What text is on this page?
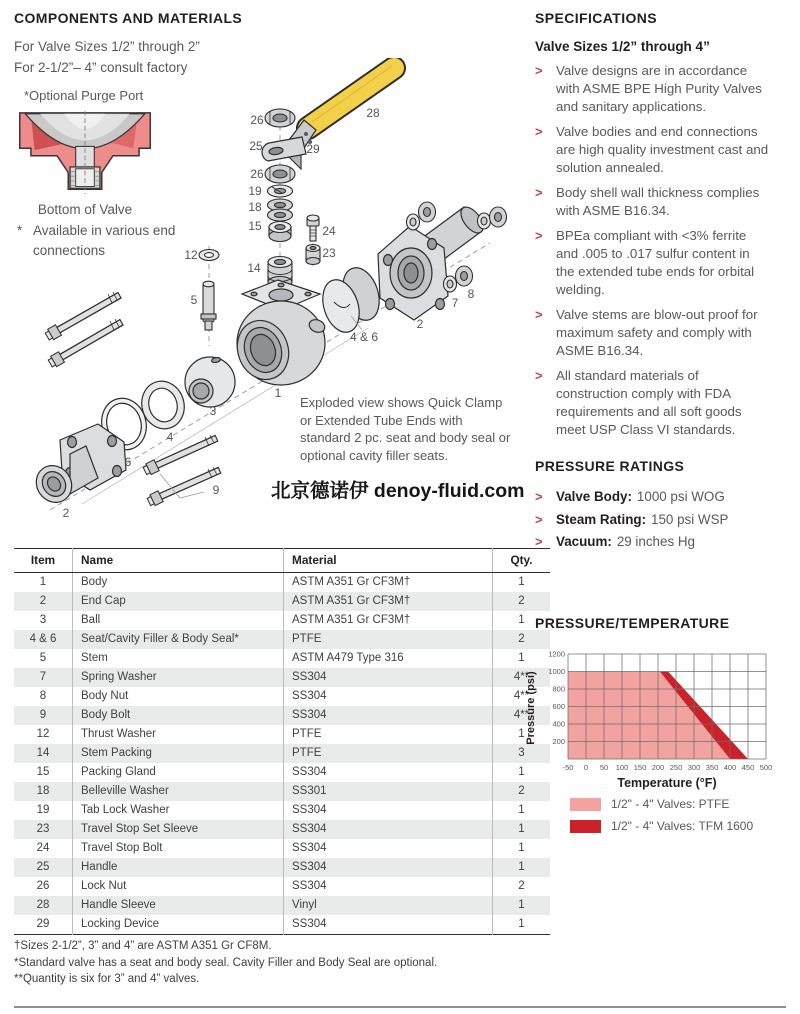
COMPONENTS AND MATERIALS
For Valve Sizes 1/2” through 2”
For 2-1/2”– 4” consult factory
*Optional Purge Port
Bottom of Valve
* Available in various end connections
26	28
25	29
26
19
18
15	24
23
12
14
5
1
3
4
6
9
2
4 & 6
2
7
8
Exploded view shows Quick Clamp or Extended Tube Ends with standard 2 pc. seat and body seal or optional cavity filler seats.
北京德诺伊 denoy-fluid.com
Item	Name	Material	Qty.
1	Body	ASTM A351 Gr CF3M†	1
2	End Cap	ASTM A351 Gr CF3M†	2
3	Ball	ASTM A351 Gr CF3M†	1
4 & 6	Seat/Cavity Filler & Body Seal*	PTFE	2
5	Stem	ASTM A479 Type 316	1
7	Spring Washer	SS304	4**
8	Body Nut	SS304	4**
9	Body Bolt	SS304	4**
12	Thrust Washer	PTFE	1
14	Stem Packing	PTFE	3
15	Packing Gland	SS304	1
18	Belleville Washer	SS301	2
19	Tab Lock Washer	SS304	1
23	Travel Stop Set Sleeve	SS304	1
24	Travel Stop Bolt	SS304	1
25	Handle	SS304	1
26	Lock Nut	SS304	2
28	Handle Sleeve	Vinyl	1
29	Locking Device	SS304	1
†Sizes 2-1/2”, 3” and 4” are ASTM A351 Gr CF8M.
*Standard valve has a seat and body seal. Cavity Filler and Body Seal are optional.
**Quantity is six for 3” and 4” valves.
SPECIFICATIONS
Valve Sizes 1/2” through 4”
>	Valve designs are in accordance with ASME BPE High Purity Valves and sanitary applications.
>	Valve bodies and end connections are high quality investment cast and solution annealed.
>	Body shell wall thickness complies with ASME B16.34.
>	BPEa compliant with <3% ferrite and .005 to .017 sulfur content in the extended tube ends for orbital welding.
>	Valve stems are blow-out proof for maximum safety and comply with ASME B16.34.
>	All standard materials of construction comply with FDA requirements and all soft goods meet USP Class VI standards.
PRESSURE RATINGS
>	Valve Body: 1000 psi WOG
>	Steam Rating: 150 psi WSP
>	Vacuum: 29 inches Hg
PRESSURE/TEMPERATURE
-50 0 50 100 150 200 250 300 350 400 450 500
200
400
600
800
1000
1200
Pressure (psi)
Temperature (°F)
1/2" - 4" Valves: PTFE
1/2" - 4" Valves: TFM 1600
